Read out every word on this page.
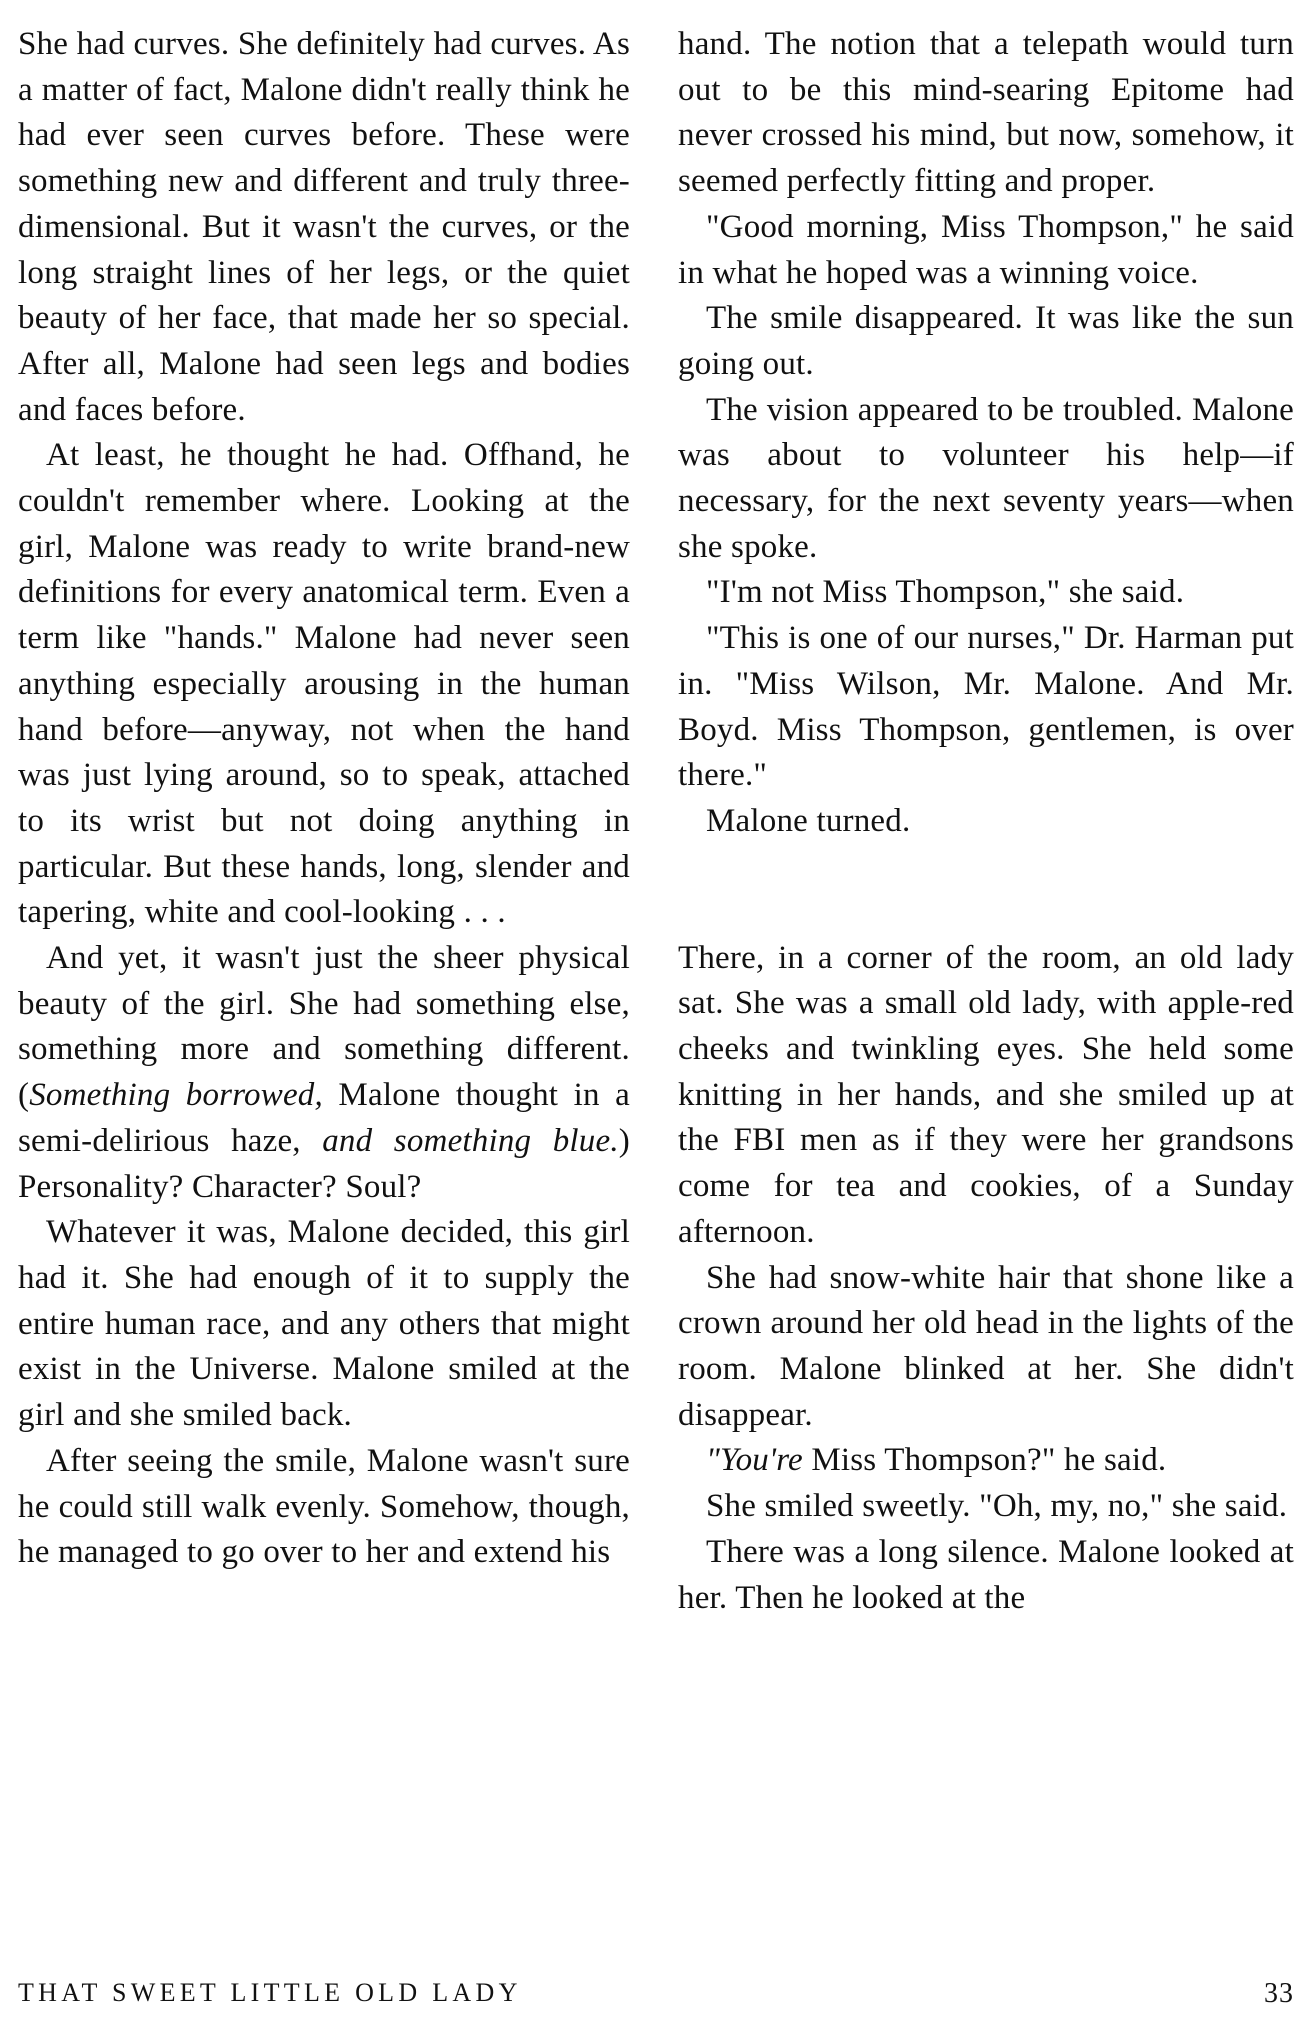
She had curves. She definitely had curves. As a matter of fact, Malone didn't really think he had ever seen curves before. These were something new and different and truly three-dimensional. But it wasn't the curves, or the long straight lines of her legs, or the quiet beauty of her face, that made her so special. After all, Malone had seen legs and bodies and faces before.

At least, he thought he had. Offhand, he couldn't remember where. Looking at the girl, Malone was ready to write brand-new definitions for every anatomical term. Even a term like "hands." Malone had never seen anything especially arousing in the human hand before—anyway, not when the hand was just lying around, so to speak, attached to its wrist but not doing anything in particular. But these hands, long, slender and tapering, white and cool-looking . . .

And yet, it wasn't just the sheer physical beauty of the girl. She had something else, something more and something different. (Something borrowed, Malone thought in a semi-delirious haze, and something blue.) Personality? Character? Soul?

Whatever it was, Malone decided, this girl had it. She had enough of it to supply the entire human race, and any others that might exist in the Universe. Malone smiled at the girl and she smiled back.

After seeing the smile, Malone wasn't sure he could still walk evenly. Somehow, though, he managed to go over to her and extend his

hand. The notion that a telepath would turn out to be this mind-searing Epitome had never crossed his mind, but now, somehow, it seemed perfectly fitting and proper.

"Good morning, Miss Thompson," he said in what he hoped was a winning voice.

The smile disappeared. It was like the sun going out.

The vision appeared to be troubled. Malone was about to volunteer his help—if necessary, for the next seventy years—when she spoke.

"I'm not Miss Thompson," she said.

"This is one of our nurses," Dr. Harman put in. "Miss Wilson, Mr. Malone. And Mr. Boyd. Miss Thompson, gentlemen, is over there."

Malone turned.

There, in a corner of the room, an old lady sat. She was a small old lady, with apple-red cheeks and twinkling eyes. She held some knitting in her hands, and she smiled up at the FBI men as if they were her grandsons come for tea and cookies, of a Sunday afternoon.

She had snow-white hair that shone like a crown around her old head in the lights of the room. Malone blinked at her. She didn't disappear.

"You're Miss Thompson?" he said.

She smiled sweetly. "Oh, my, no," she said.

There was a long silence. Malone looked at her. Then he looked at the

THAT SWEET LITTLE OLD LADY	33
